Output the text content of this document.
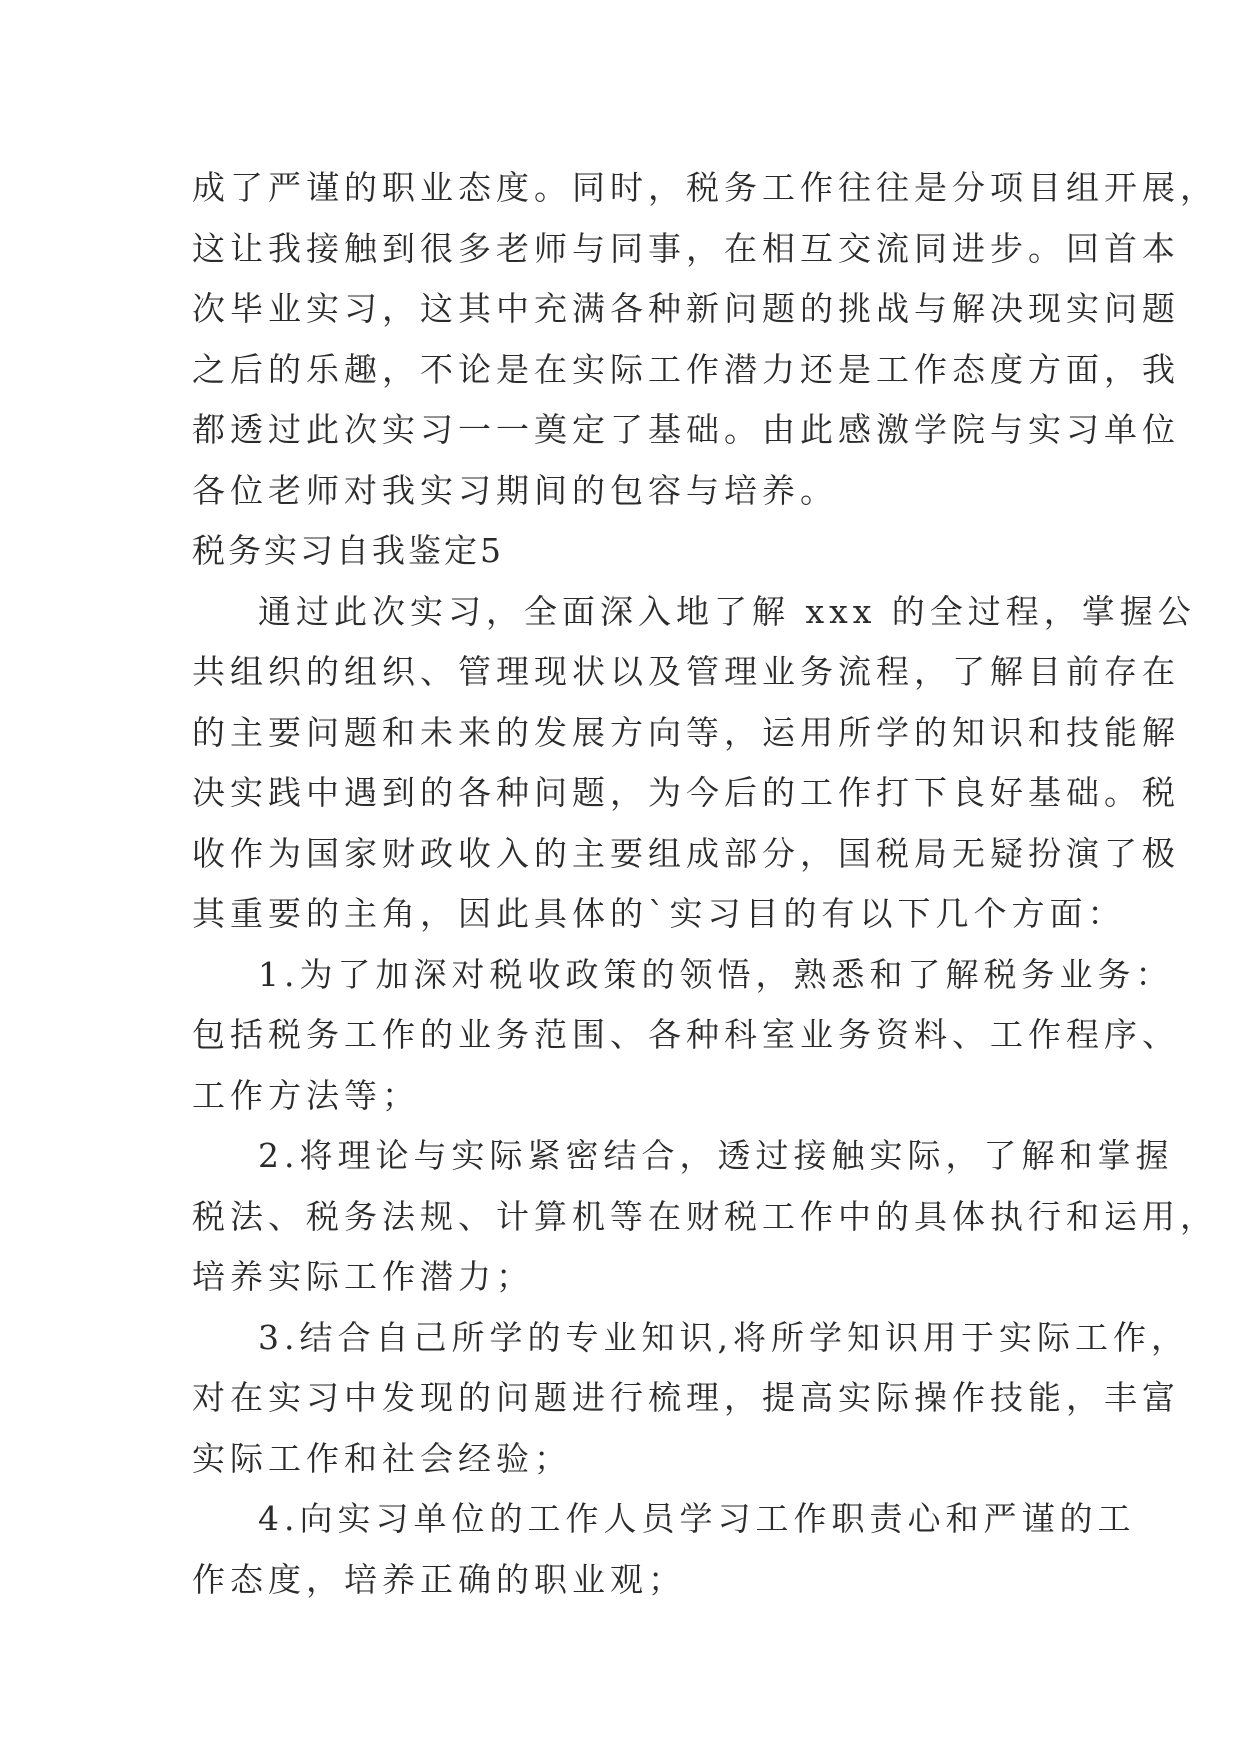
成了严谨的职业态度。同时，税务工作往往是分项目组开展，
这让我接触到很多老师与同事，在相互交流同进步。回首本
次毕业实习，这其中充满各种新问题的挑战与解决现实问题
之后的乐趣，不论是在实际工作潜力还是工作态度方面，我
都透过此次实习一一奠定了基础。由此感激学院与实习单位
各位老师对我实习期间的包容与培养。
税务实习自我鉴定5
通过此次实习，全面深入地了解 xxx 的全过程，掌握公
共组织的组织、管理现状以及管理业务流程，了解目前存在
的主要问题和未来的发展方向等，运用所学的知识和技能解
决实践中遇到的各种问题，为今后的工作打下良好基础。税
收作为国家财政收入的主要组成部分，国税局无疑扮演了极
其重要的主角，因此具体的`实习目的有以下几个方面：
1.为了加深对税收政策的领悟，熟悉和了解税务业务：
包括税务工作的业务范围、各种科室业务资料、工作程序、
工作方法等；
2.将理论与实际紧密结合，透过接触实际，了解和掌握
税法、税务法规、计算机等在财税工作中的具体执行和运用，
培养实际工作潜力；
3.结合自己所学的专业知识,将所学知识用于实际工作，
对在实习中发现的问题进行梳理，提高实际操作技能，丰富
实际工作和社会经验；
4.向实习单位的工作人员学习工作职责心和严谨的工
作态度，培养正确的职业观；
